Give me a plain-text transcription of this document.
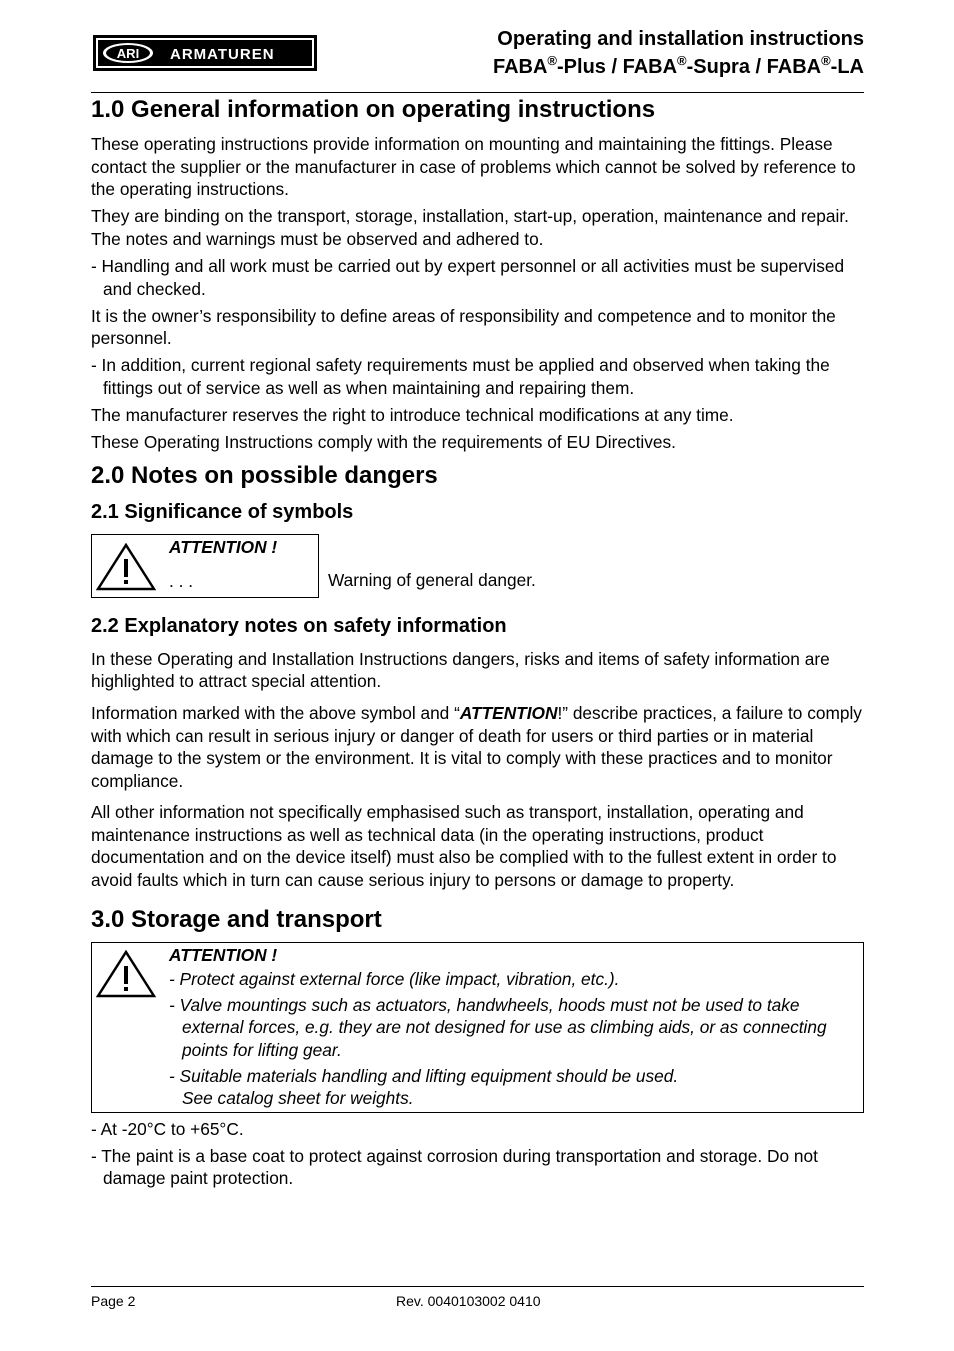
ARI ARMATUREN
Operating and installation instructions
FABA®-Plus / FABA®-Supra / FABA®-LA
1.0 General information on operating instructions

These operating instructions provide information on mounting and maintaining the fittings. Please contact the supplier or the manufacturer in case of problems which cannot be solved by reference to the operating instructions.

They are binding on the transport, storage, installation, start-up, operation, maintenance and repair.

The notes and warnings must be observed and adhered to.

- Handling and all work must be carried out by expert personnel or all activities must be supervised and checked.

It is the owner’s responsibility to define areas of responsibility and competence and to monitor the personnel.

- In addition, current regional safety requirements must be applied and observed when taking the fittings out of service as well as when maintaining and repairing them.

The manufacturer reserves the right to introduce technical modifications at any time.

These Operating Instructions comply with the requirements of EU Directives.

2.0 Notes on possible dangers
2.1 Significance of symbols
ATTENTION !
. . .	Warning of general danger.
2.2 Explanatory notes on safety information

In these Operating and Installation Instructions dangers, risks and items of safety information are highlighted to attract special attention.

Information marked with the above symbol and “ATTENTION!” describe practices, a failure to comply with which can result in serious injury or danger of death for users or third parties or in material damage to the system or the environment. It is vital to comply with these practices and to monitor compliance.

All other information not specifically emphasised such as transport, installation, operating and maintenance instructions as well as technical data (in the operating instructions, product documentation and on the device itself) must also be complied with to the fullest extent in order to avoid faults which in turn can cause serious injury to persons or damage to property.

3.0 Storage and transport
ATTENTION !
- Protect against external force (like impact, vibration, etc.).
- Valve mountings such as actuators, handwheels, hoods must not be used to take external forces, e.g. they are not designed for use as climbing aids, or as connecting points for lifting gear.
- Suitable materials handling and lifting equipment should be used.
See catalog sheet for weights.

- At -20°C to +65°C.

- The paint is a base coat to protect against corrosion during transportation and storage. Do not damage paint protection.

Page 2	Rev. 0040103002 0410
